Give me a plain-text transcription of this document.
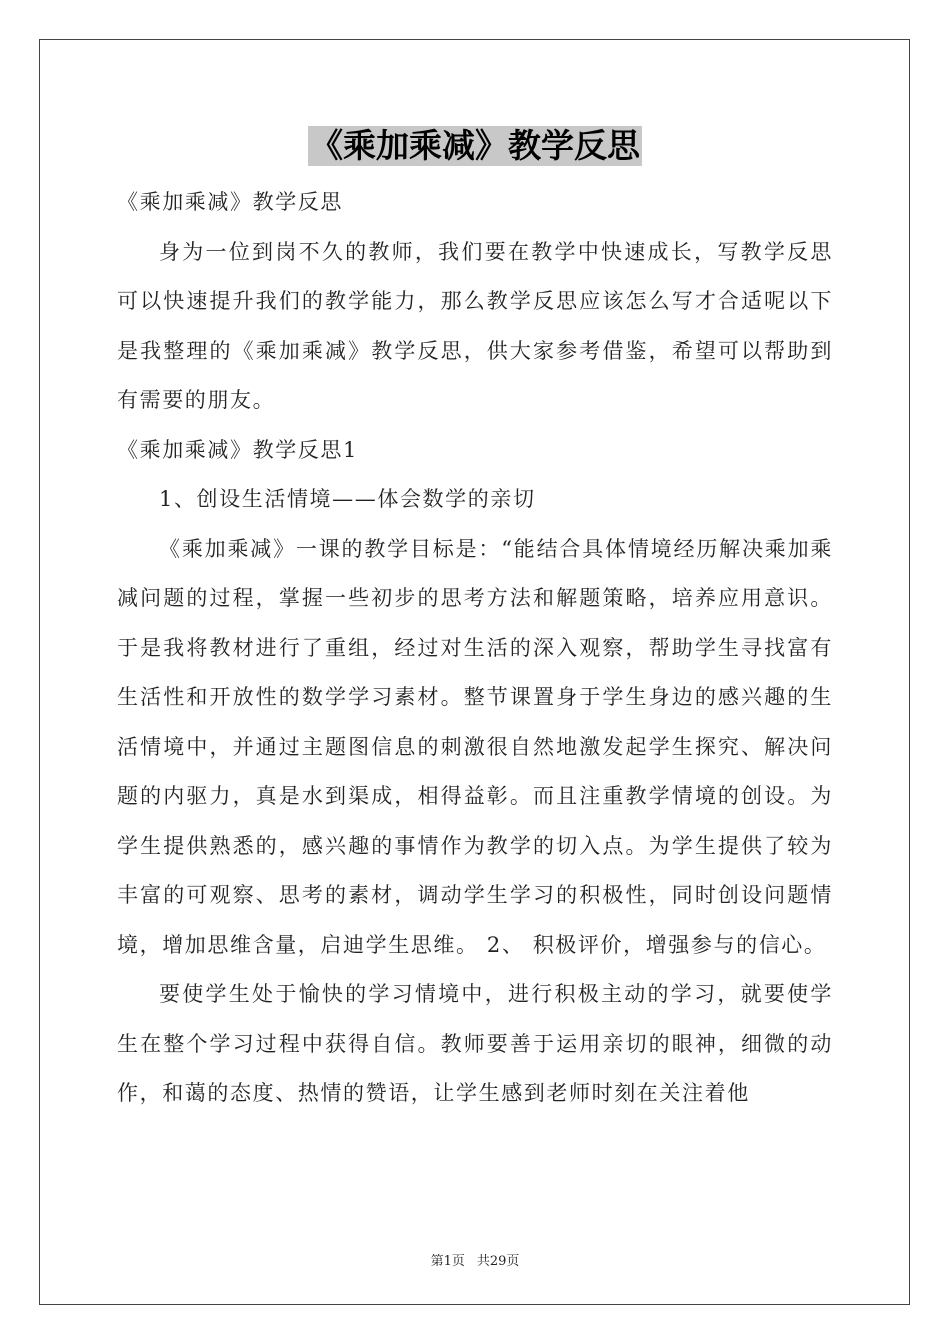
《乘加乘减》教学反思

《乘加乘减》教学反思

身为一位到岗不久的教师，我们要在教学中快速成长，写教学反思可以快速提升我们的教学能力，那么教学反思应该怎么写才合适呢以下是我整理的《乘加乘减》教学反思，供大家参考借鉴，希望可以帮助到有需要的朋友。

《乘加乘减》教学反思1

1、创设生活情境——体会数学的亲切

《乘加乘减》一课的教学目标是：“能结合具体情境经历解决乘加乘减问题的过程，掌握一些初步的思考方法和解题策略，培养应用意识。于是我将教材进行了重组，经过对生活的深入观察，帮助学生寻找富有生活性和开放性的数学学习素材。整节课置身于学生身边的感兴趣的生活情境中，并通过主题图信息的刺激很自然地激发起学生探究、解决问题的内驱力，真是水到渠成，相得益彰。而且注重教学情境的创设。为学生提供熟悉的，感兴趣的事情作为教学的切入点。为学生提供了较为丰富的可观察、思考的素材，调动学生学习的积极性，同时创设问题情境，增加思维含量，启迪学生思维。 2、 积极评价，增强参与的信心。

要使学生处于愉快的学习情境中，进行积极主动的学习，就要使学生在整个学习过程中获得自信。教师要善于运用亲切的眼神，细微的动作，和蔼的态度、热情的赞语，让学生感到老师时刻在关注着他

第1页 共29页
